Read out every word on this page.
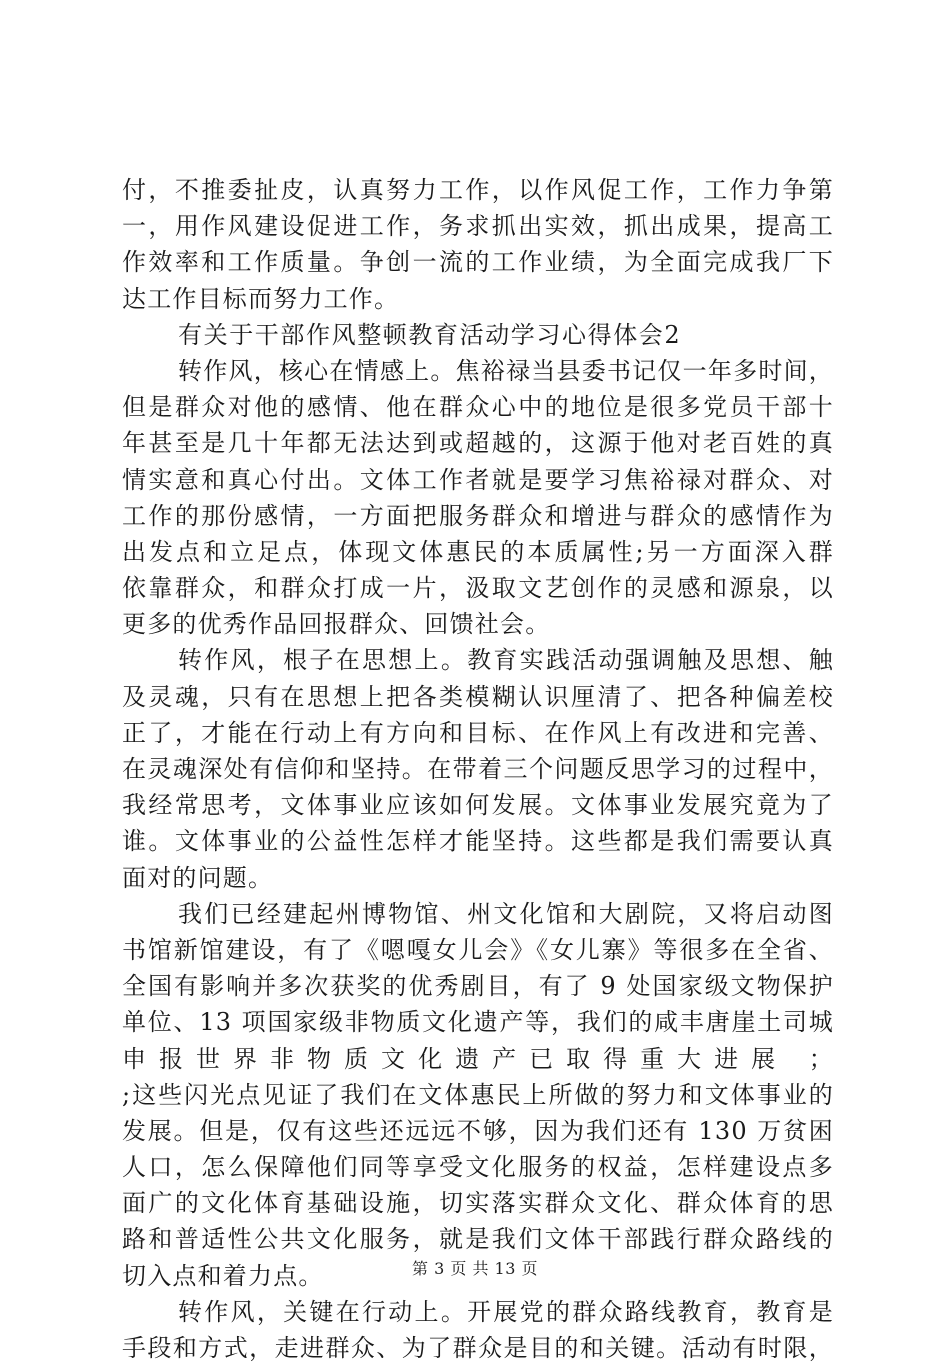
付，不推委扯皮，认真努力工作，以作风促工作，工作力争第
一，用作风建设促进工作，务求抓出实效，抓出成果，提高工
作效率和工作质量。争创一流的工作业绩，为全面完成我厂下
达工作目标而努力工作。
有关于干部作风整顿教育活动学习心得体会2
转作风，核心在情感上。焦裕禄当县委书记仅一年多时间，
但是群众对他的感情、他在群众心中的地位是很多党员干部十
年甚至是几十年都无法达到或超越的，这源于他对老百姓的真
情实意和真心付出。文体工作者就是要学习焦裕禄对群众、对
工作的那份感情，一方面把服务群众和增进与群众的感情作为
出发点和立足点，体现文体惠民的本质属性;另一方面深入群
依靠群众，和群众打成一片，汲取文艺创作的灵感和源泉，以
更多的优秀作品回报群众、回馈社会。
转作风，根子在思想上。教育实践活动强调触及思想、触
及灵魂，只有在思想上把各类模糊认识厘清了、把各种偏差校
正了，才能在行动上有方向和目标、在作风上有改进和完善、
在灵魂深处有信仰和坚持。在带着三个问题反思学习的过程中，
我经常思考，文体事业应该如何发展。文体事业发展究竟为了
谁。文体事业的公益性怎样才能坚持。这些都是我们需要认真
面对的问题。
我们已经建起州博物馆、州文化馆和大剧院，又将启动图
书馆新馆建设，有了《嗯嘎女儿会》《女儿寨》等很多在全省、
全国有影响并多次获奖的优秀剧目，有了 9 处国家级文物保护
单位、13 项国家级非物质文化遗产等，我们的咸丰唐崖土司城
申报世界非物质文化遗产已取得重大进展 ；
;这些闪光点见证了我们在文体惠民上所做的努力和文体事业的
发展。但是，仅有这些还远远不够，因为我们还有 130 万贫困
人口，怎么保障他们同等享受文化服务的权益，怎样建设点多
面广的文化体育基础设施，切实落实群众文化、群众体育的思
路和普适性公共文化服务，就是我们文体干部践行群众路线的
切入点和着力点。
转作风，关键在行动上。开展党的群众路线教育，教育是
手段和方式，走进群众、为了群众是目的和关键。活动有时限，
第 3 页 共 13 页
